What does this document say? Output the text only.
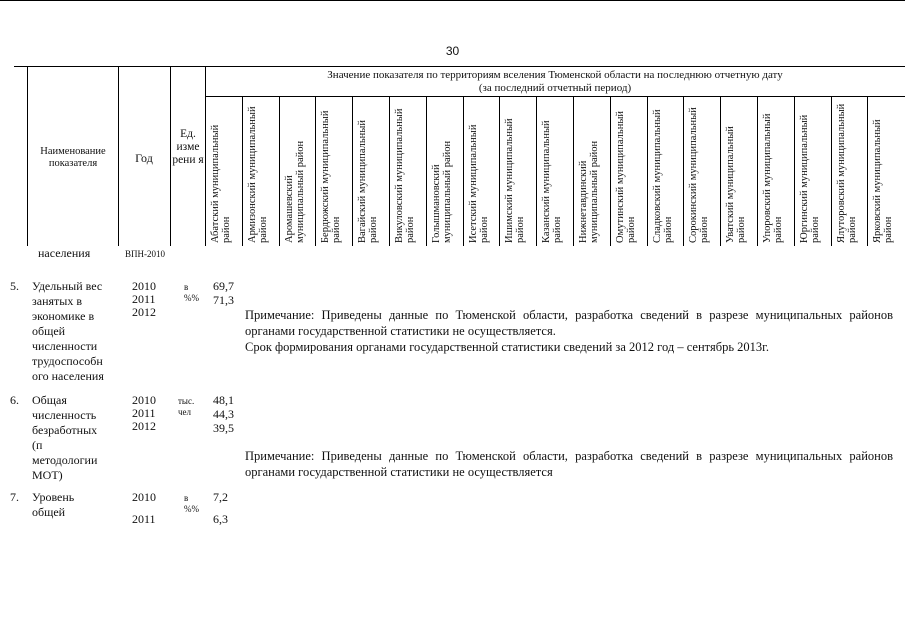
30
Наименование показателя	Год
Ед. изме рени я
Значение показателя по территориям вселения Тюменской области на последнюю отчетную дату
(за последний отчетный период)
Абатский муниципальный район Армизонский муниципальный район Аромашевский муниципальный район Бердюжский муниципальный район Вагайский муниципальный район Викуловский муниципальный район Голышмановский муниципальный район Исетский муниципальный район Ишимский муниципальный район Казанский муниципальный район Нижнетавдинский муниципальный район Омутинский муниципальный район Сладковский муниципальный район Сорокинский муниципальный район Уватский муниципальный район Упоровский муниципальный район Юргинский муниципальный район Ялуторовский муниципальный район Ярковский муниципальный район
населения	ВПН-2010
5. Удельный вес
занятых в
экономике в
общей
численности
трудоспособн
ого населения
2010
2011
2012
в
%%
69,7
71,3
Примечание: Приведены данные по Тюменской области, разработка сведений в разрезе муниципальных районов
органами государственной статистики не осуществляется.
Срок формирования органами государственной статистики сведений за 2012 год – сентябрь 2013г.
6. Общая
численность
безработных
(п
методологии
МОТ)
2010
2011
2012
тыс.
чел
48,1
44,3
39,5
Примечание: Приведены данные по Тюменской области, разработка сведений в разрезе муниципальных районов
органами государственной статистики не осуществляется
7. Уровень
общей
2010
2011
в
%%
7,2
6,3
